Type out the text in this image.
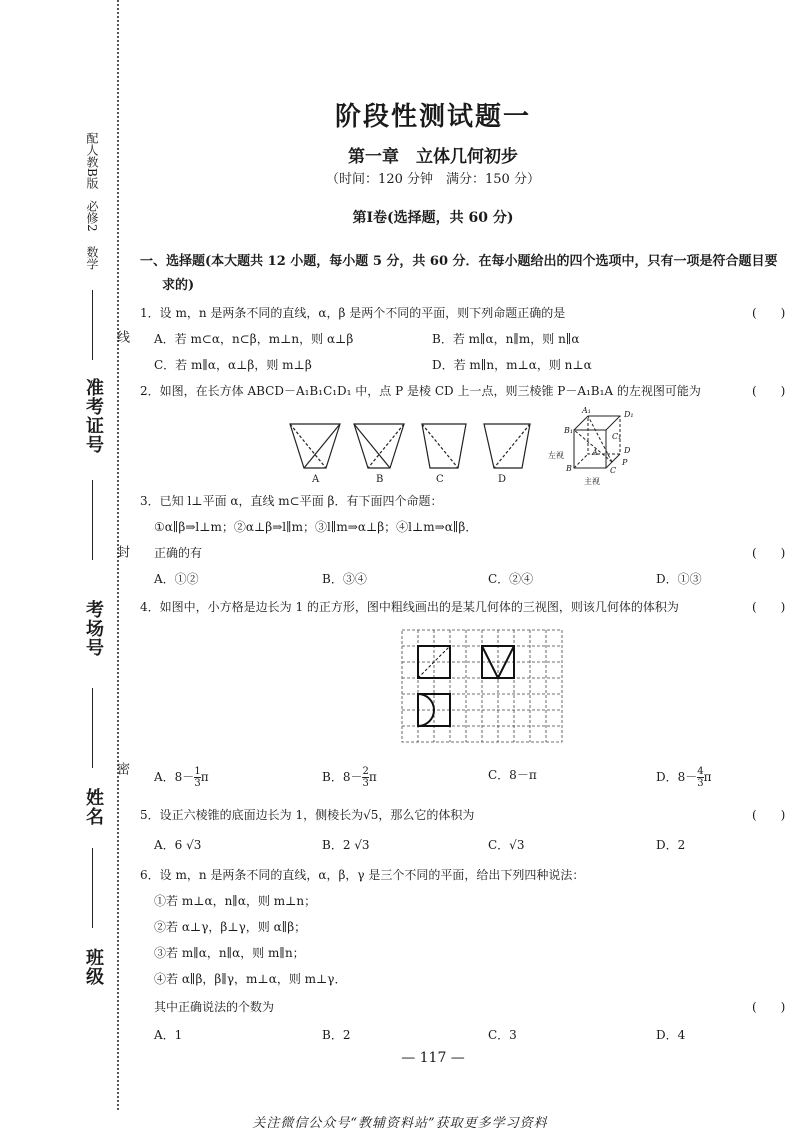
配人教B版
必修2
数学
线
准考证号
封
考场号
密
姓名
班级
阶段性测试题一
第一章　立体几何初步
（时间：120 分钟　满分：150 分）
第Ⅰ卷(选择题，共 60 分)
一、选择题(本大题共 12 小题，每小题 5 分，共 60 分．在每小题给出的四个选项中，只有一项是符合题目要
求的)
1．设 m，n 是两条不同的直线，α，β 是两个不同的平面，则下列命题正确的是	(　　)
A．若 m⊂α，n⊂β，m⊥n，则 α⊥β	B．若 m∥α，n∥m，则 n∥α
C．若 m∥α，α⊥β，则 m⊥β	D．若 m∥n，m⊥α，则 n⊥α
2．如图，在长方体 ABCD－A₁B₁C₁D₁ 中，点 P 是棱 CD 上一点，则三棱锥 P－A₁B₁A 的左视图可能为	(　　)
A	B	C	D
A₁	D₁
B₁
C₁
A	D
B	C
P
左视
主视
3．已知 l⊥平面 α，直线 m⊂平面 β．有下面四个命题：
①α∥β⇒l⊥m；②α⊥β⇒l∥m；③l∥m⇒α⊥β；④l⊥m⇒α∥β．
正确的有	(　　)
A．①②	B．③④	C．②④	D．①③
4．如图中，小方格是边长为 1 的正方形，图中粗线画出的是某几何体的三视图，则该几何体的体积为	(　　)
A．$8- \frac{1}{3}$ π	B．$8- \frac{2}{3}$ π	C．8－π	D．$8- \frac{4}{3}$ π
5．设正六棱锥的底面边长为 1，侧棱长为√5，那么它的体积为	(　　)
A．6 √3	B．2 √3	C．√3	D．2
6．设 m，n 是两条不同的直线，α，β，γ 是三个不同的平面，给出下列四种说法：
①若 m⊥α，n∥α，则 m⊥n；
②若 α⊥γ，β⊥γ，则 α∥β；
③若 m∥α，n∥α，则 m∥n；
④若 α∥β，β∥γ，m⊥α，则 m⊥γ．
其中正确说法的个数为	(　　)
A．1	B．2	C．3	D．4
— 117 —
关注微信公众号“教辅资料站”获取更多学习资料
